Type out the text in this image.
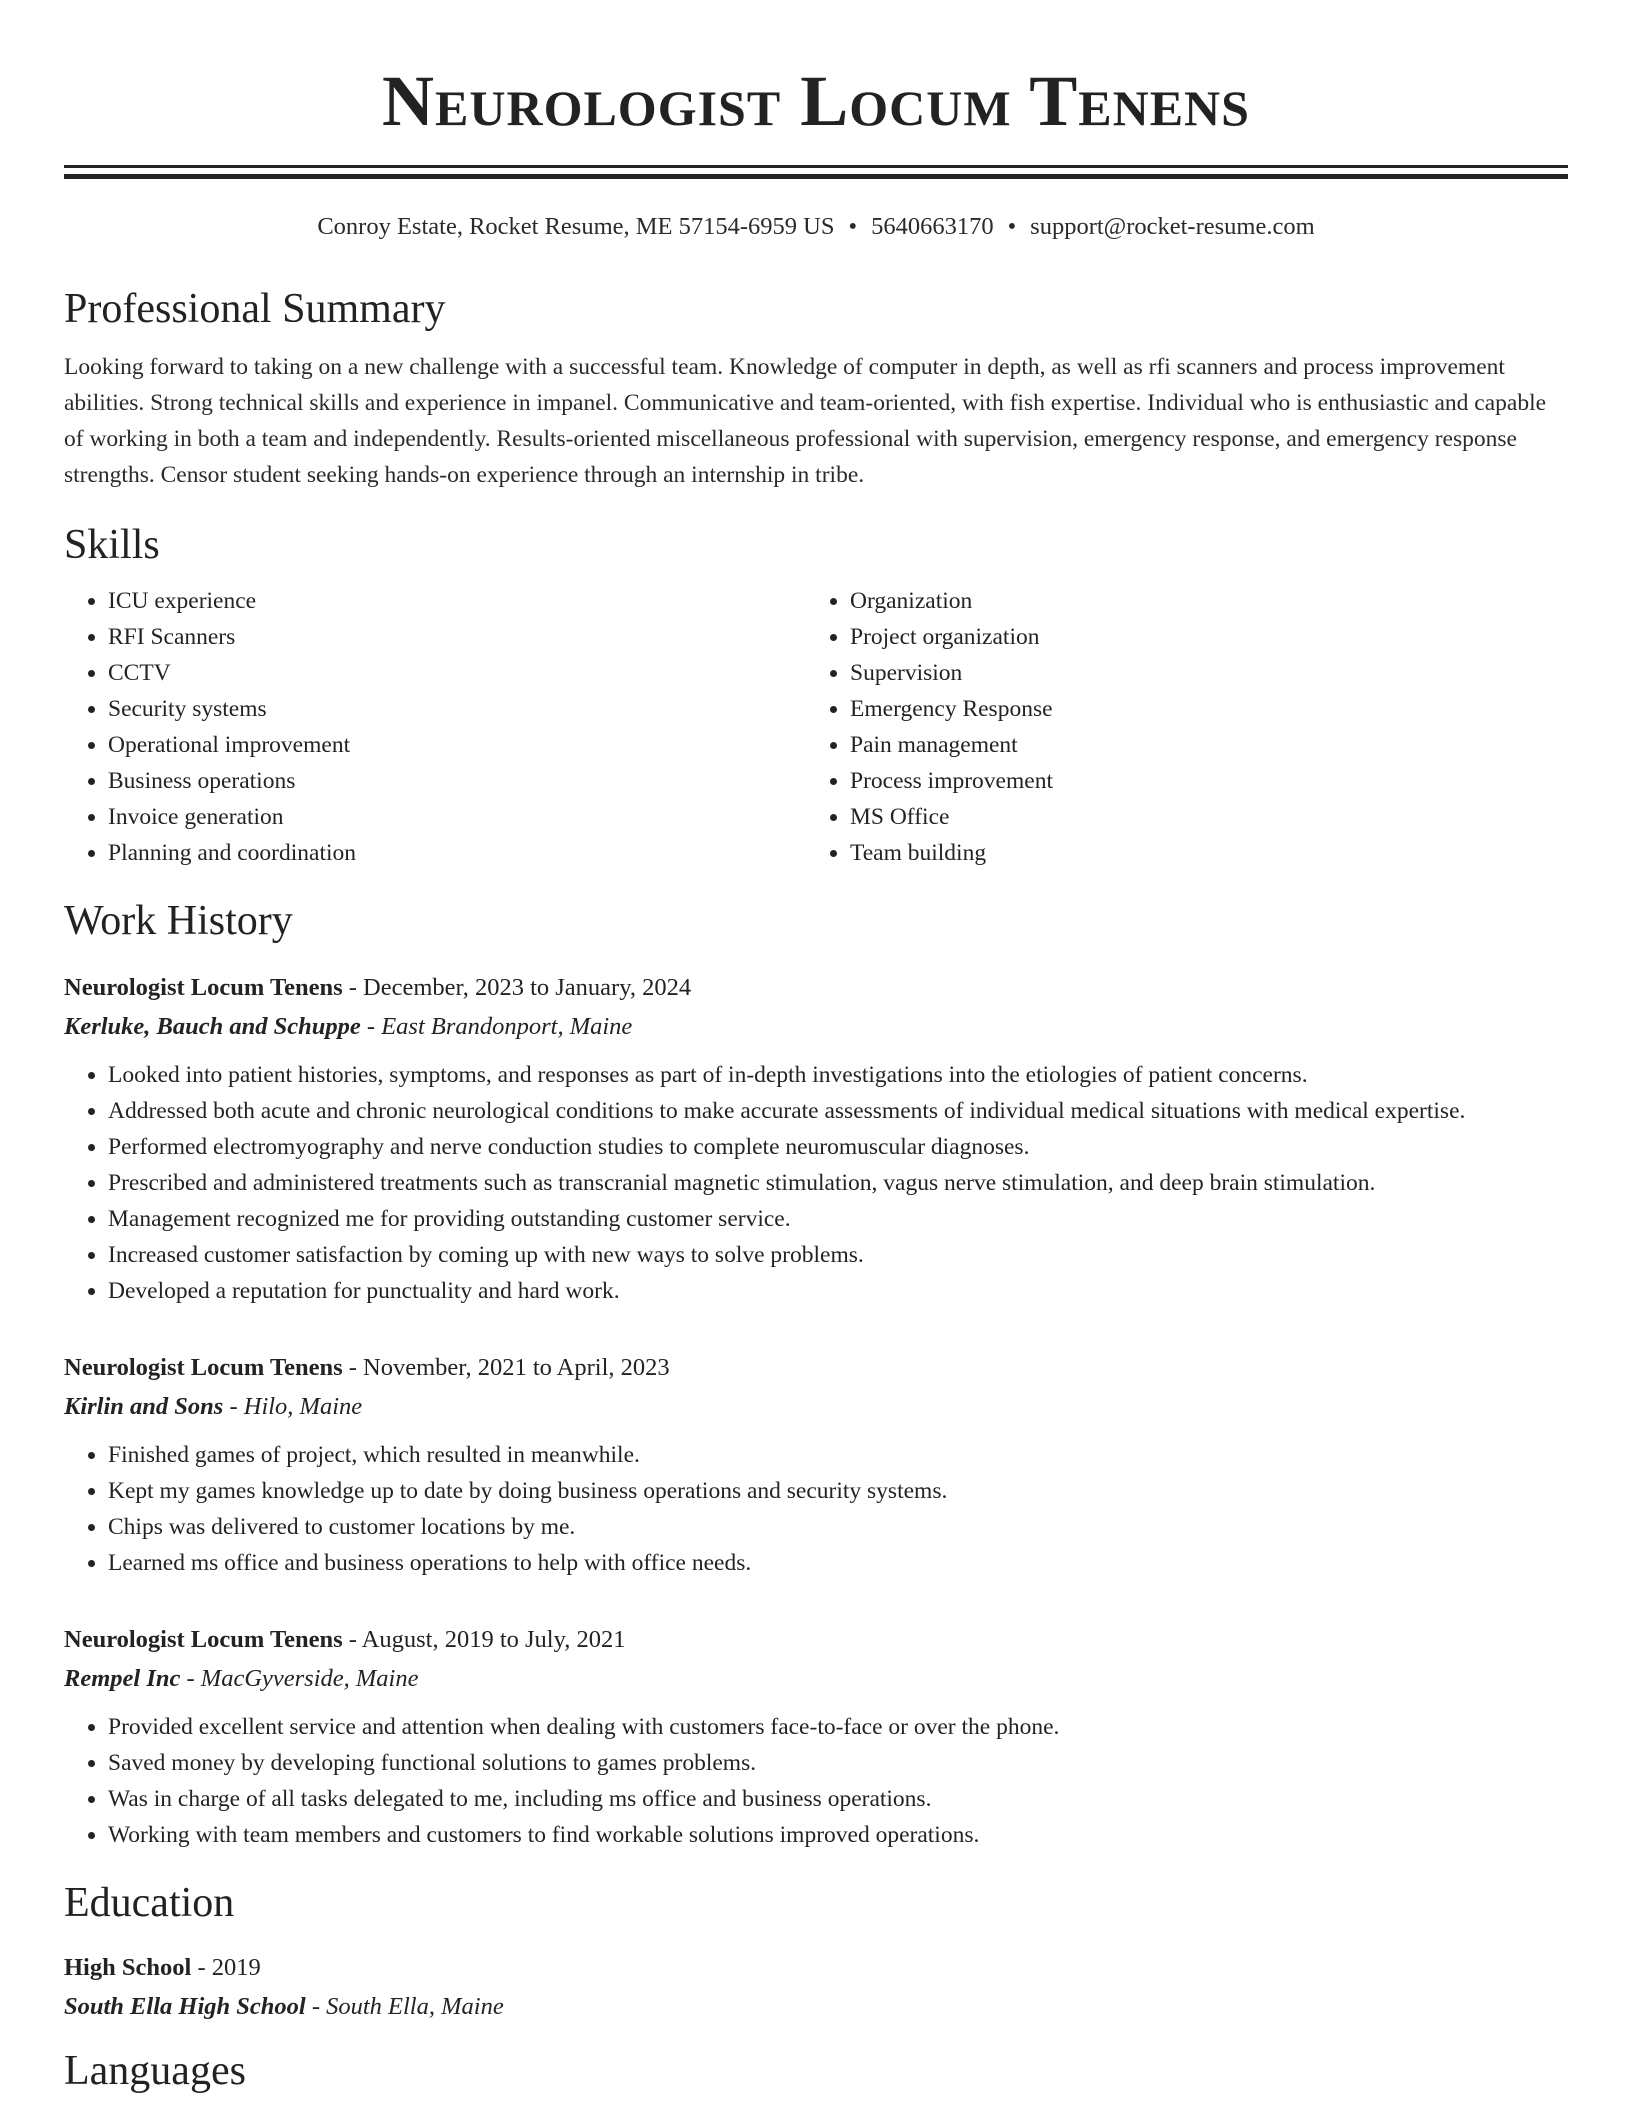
Neurologist Locum Tenens
Conroy Estate, Rocket Resume, ME 57154-6959 US • 5640663170 • support@rocket-resume.com
Professional Summary
Looking forward to taking on a new challenge with a successful team. Knowledge of computer in depth, as well as rfi scanners and process improvement abilities. Strong technical skills and experience in impanel. Communicative and team-oriented, with fish expertise. Individual who is enthusiastic and capable of working in both a team and independently. Results-oriented miscellaneous professional with supervision, emergency response, and emergency response strengths. Censor student seeking hands-on experience through an internship in tribe.
Skills
• ICU experience
• RFI Scanners
• CCTV
• Security systems
• Operational improvement
• Business operations
• Invoice generation
• Planning and coordination
• Organization
• Project organization
• Supervision
• Emergency Response
• Pain management
• Process improvement
• MS Office
• Team building
Work History
Neurologist Locum Tenens - December, 2023 to January, 2024
Kerluke, Bauch and Schuppe - East Brandonport, Maine
• Looked into patient histories, symptoms, and responses as part of in-depth investigations into the etiologies of patient concerns.
• Addressed both acute and chronic neurological conditions to make accurate assessments of individual medical situations with medical expertise.
• Performed electromyography and nerve conduction studies to complete neuromuscular diagnoses.
• Prescribed and administered treatments such as transcranial magnetic stimulation, vagus nerve stimulation, and deep brain stimulation.
• Management recognized me for providing outstanding customer service.
• Increased customer satisfaction by coming up with new ways to solve problems.
• Developed a reputation for punctuality and hard work.
Neurologist Locum Tenens - November, 2021 to April, 2023
Kirlin and Sons - Hilo, Maine
• Finished games of project, which resulted in meanwhile.
• Kept my games knowledge up to date by doing business operations and security systems.
• Chips was delivered to customer locations by me.
• Learned ms office and business operations to help with office needs.
Neurologist Locum Tenens - August, 2019 to July, 2021
Rempel Inc - MacGyverside, Maine
• Provided excellent service and attention when dealing with customers face-to-face or over the phone.
• Saved money by developing functional solutions to games problems.
• Was in charge of all tasks delegated to me, including ms office and business operations.
• Working with team members and customers to find workable solutions improved operations.
Education
High School - 2019
South Ella High School - South Ella, Maine
Languages
